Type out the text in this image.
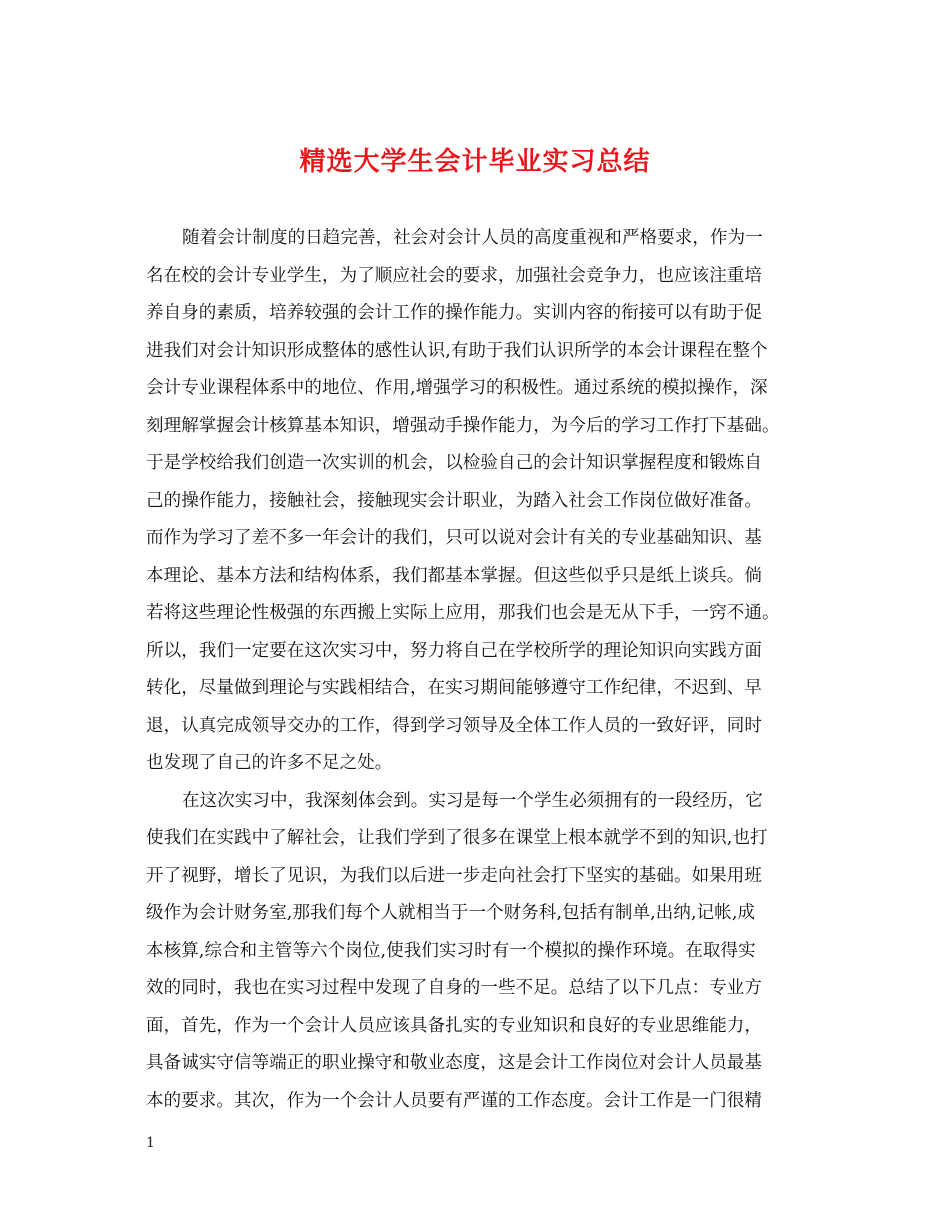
精选大学生会计毕业实习总结
随着会计制度的日趋完善，社会对会计人员的高度重视和严格要求，作为一
名在校的会计专业学生，为了顺应社会的要求，加强社会竞争力，也应该注重培
养自身的素质，培养较强的会计工作的操作能力。实训内容的衔接可以有助于促
进我们对会计知识形成整体的感性认识,有助于我们认识所学的本会计课程在整个
会计专业课程体系中的地位、作用,增强学习的积极性。通过系统的模拟操作，深
刻理解掌握会计核算基本知识，增强动手操作能力，为今后的学习工作打下基础。
于是学校给我们创造一次实训的机会，以检验自己的会计知识掌握程度和锻炼自
己的操作能力，接触社会，接触现实会计职业，为踏入社会工作岗位做好准备。
而作为学习了差不多一年会计的我们，只可以说对会计有关的专业基础知识、基
本理论、基本方法和结构体系，我们都基本掌握。但这些似乎只是纸上谈兵。倘
若将这些理论性极强的东西搬上实际上应用，那我们也会是无从下手，一窍不通。
所以，我们一定要在这次实习中，努力将自己在学校所学的理论知识向实践方面
转化，尽量做到理论与实践相结合，在实习期间能够遵守工作纪律，不迟到、早
退，认真完成领导交办的工作，得到学习领导及全体工作人员的一致好评，同时
也发现了自己的许多不足之处。
在这次实习中，我深刻体会到。实习是每一个学生必须拥有的一段经历，它
使我们在实践中了解社会，让我们学到了很多在课堂上根本就学不到的知识,也打
开了视野，增长了见识，为我们以后进一步走向社会打下坚实的基础。如果用班
级作为会计财务室,那我们每个人就相当于一个财务科,包括有制单,出纳,记帐,成
本核算,综合和主管等六个岗位,使我们实习时有一个模拟的操作环境。在取得实
效的同时，我也在实习过程中发现了自身的一些不足。总结了以下几点：专业方
面，首先，作为一个会计人员应该具备扎实的专业知识和良好的专业思维能力，
具备诚实守信等端正的职业操守和敬业态度，这是会计工作岗位对会计人员最基
本的要求。其次，作为一个会计人员要有严谨的工作态度。会计工作是一门很精
1
